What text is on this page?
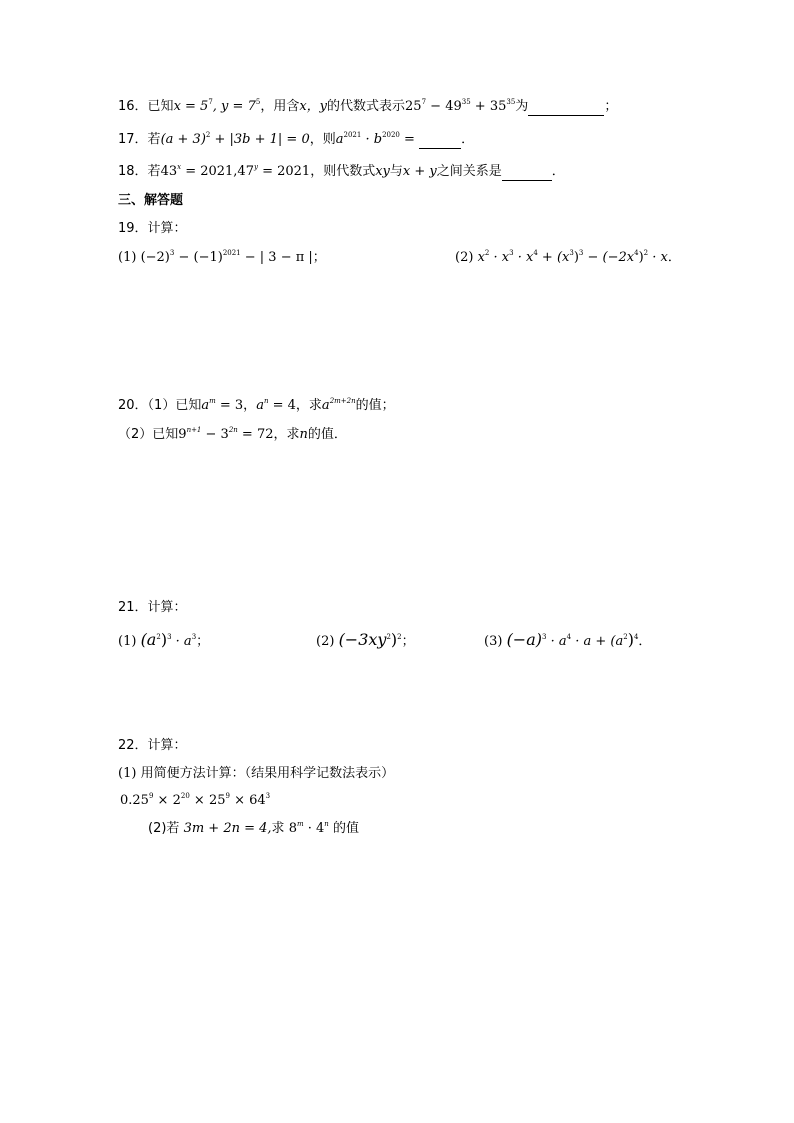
16．已知$x = 5^7$, $y = 7^5$，用含x，y的代数式表示$25^7 - 49^{35} + 35^{35}$为	；
17．若$(a + 3)^2 + |3b + 1| = 0$，则$a^{2021} \cdot b^{2020}$ =	．
18．若$43^x = 2021,47^y = 2021$，则代数式xy与x + y之间关系是	．
三、解答题
19．计算：
(1) $(-2)^3 - (-1)^{2021}$ − | 3 − π |；	(2) $x^2 \cdot x^3 \cdot x^4 + (x^3)^3 - (-2x^4)^2 \cdot x$．
20．（1）已知$a^m = 3$，$a^n = 4$，求$a^{2m+2n}$的值；
（2）已知$9^{n+1} - 3^{2n} = 72$，求n的值．
21．计算：
(1) $(a^2)^3 \cdot a^3$；	(2) $(-3xy^2)^2$；	(3) $(-a)^3 \cdot a^4 \cdot a + (a^2)^4$．
22．计算：
(1) 用简便方法计算：（结果用科学记数法表示）
$0.25^9 \times 2^{20} \times 25^9 \times 64^3$
(2)若 3m + 2n = 4,求 $8^m \cdot 4^n$ 的值
